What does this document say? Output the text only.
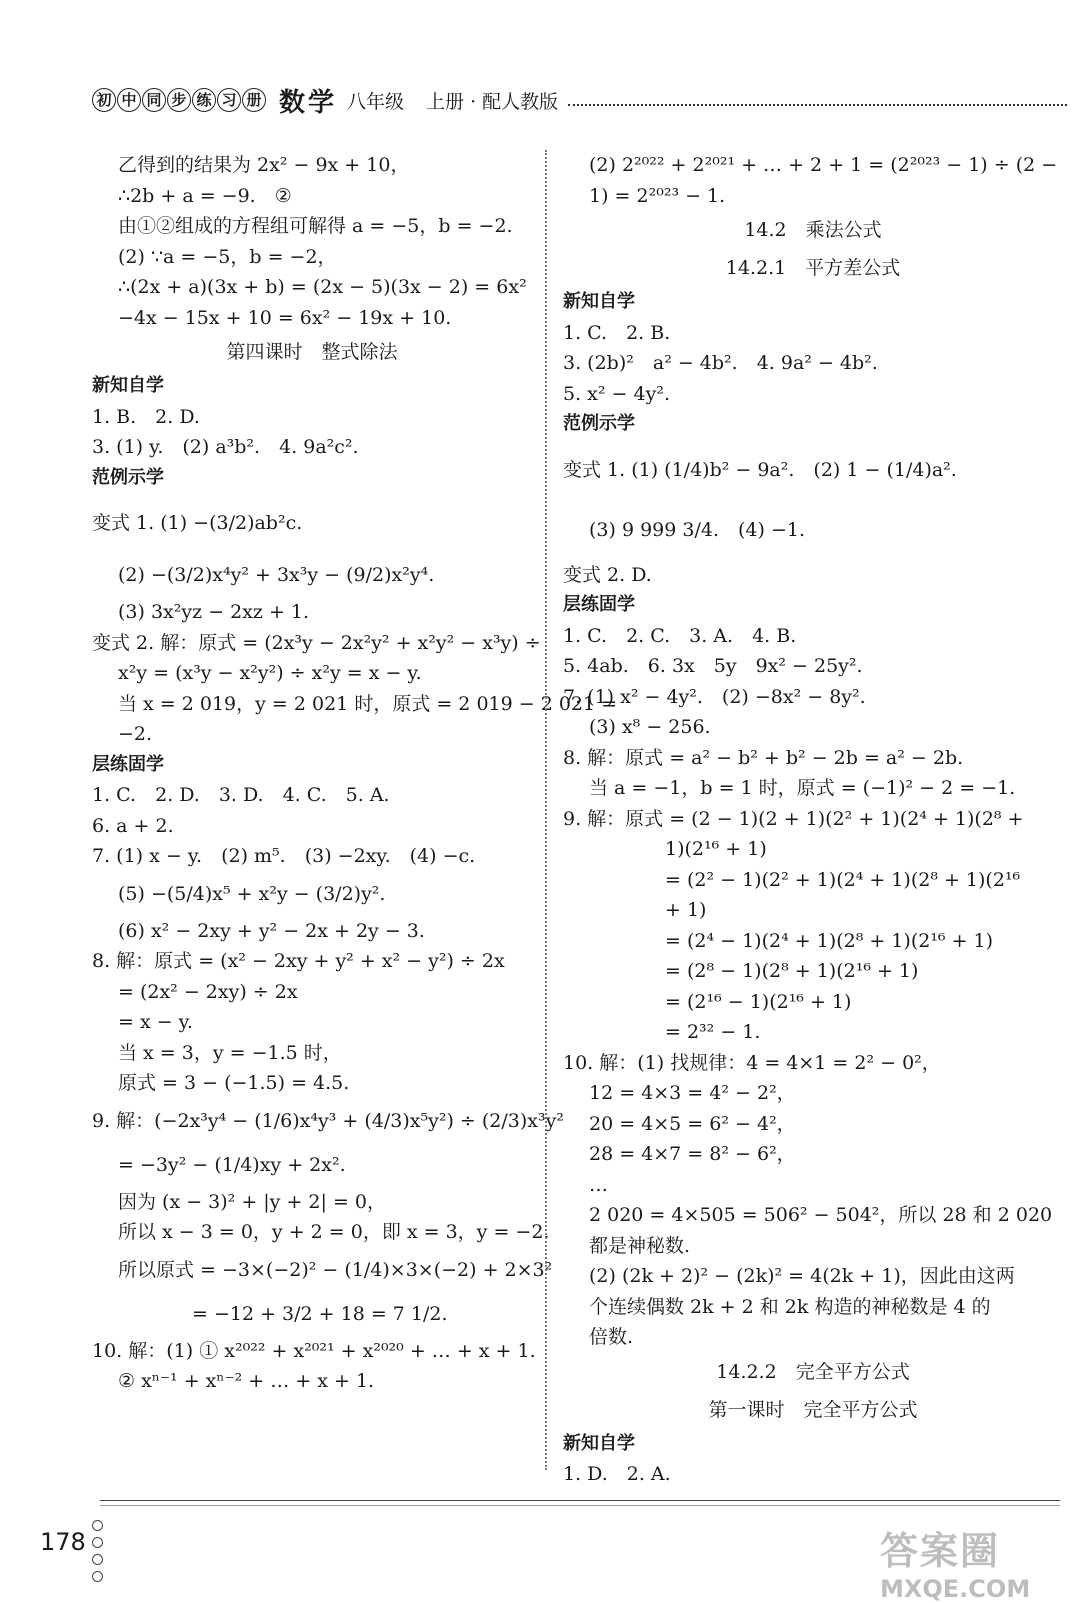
初 中 同 步 练 习 册 数学 八年级 上册 · 配人教版
乙得到的结果为 2x² − 9x + 10，
∴2b + a = −9.　②
由①②组成的方程组可解得 a = −5，b = −2.
(2) ∵a = −5，b = −2，
∴(2x + a)(3x + b) = (2x − 5)(3x − 2) = 6x²
−4x − 15x + 10 = 6x² − 19x + 10.
第四课时　整式除法
新知自学
1. B.　2. D.
3. (1) y.　(2) a³b².　4. 9a²c².
范例示学
变式 1. (1) −(3/2)ab²c.
(2) −(3/2)x⁴y² + 3x³y − (9/2)x²y⁴.
(3) 3x²yz − 2xz + 1.
变式 2. 解：原式 = (2x³y − 2x²y² + x²y² − x³y) ÷
x²y = (x³y − x²y²) ÷ x²y = x − y.
当 x = 2 019，y = 2 021 时，原式 = 2 019 − 2 021 =
−2.
层练固学
1. C.　2. D.　3. D.　4. C.　5. A.
6. a + 2.
7. (1) x − y.　(2) m⁵.　(3) −2xy.　(4) −c.
(5) −(5/4)x⁵ + x²y − (3/2)y².
(6) x² − 2xy + y² − 2x + 2y − 3.
8. 解：原式 = (x² − 2xy + y² + x² − y²) ÷ 2x
= (2x² − 2xy) ÷ 2x
= x − y.
当 x = 3，y = −1.5 时，
原式 = 3 − (−1.5) = 4.5.
9. 解：(−2x³y⁴ − (1/6)x⁴y³ + (4/3)x⁵y²) ÷ (2/3)x³y²
= −3y² − (1/4)xy + 2x².
因为 (x − 3)² + |y + 2| = 0，
所以 x − 3 = 0，y + 2 = 0，即 x = 3，y = −2.
所以原式 = −3×(−2)² − (1/4)×3×(−2) + 2×3²
= −12 + 3/2 + 18 = 7 1/2.
10. 解：(1) ① x²⁰²² + x²⁰²¹ + x²⁰²⁰ + … + x + 1.
② xⁿ⁻¹ + xⁿ⁻² + … + x + 1.
(2) 2²⁰²² + 2²⁰²¹ + … + 2 + 1 = (2²⁰²³ − 1) ÷ (2 −
1) = 2²⁰²³ − 1.
14.2　乘法公式
14.2.1　平方差公式
新知自学
1. C.　2. B.
3. (2b)²　a² − 4b².　4. 9a² − 4b².
5. x² − 4y².
范例示学
变式 1. (1) (1/4)b² − 9a².　(2) 1 − (1/4)a².
(3) 9 999 3/4.　(4) −1.
变式 2. D.
层练固学
1. C.　2. C.　3. A.　4. B.
5. 4ab.　6. 3x　5y　9x² − 25y².
7. (1) x² − 4y².　(2) −8x² − 8y².
(3) x⁸ − 256.
8. 解：原式 = a² − b² + b² − 2b = a² − 2b.
当 a = −1，b = 1 时，原式 = (−1)² − 2 = −1.
9. 解：原式 = (2 − 1)(2 + 1)(2² + 1)(2⁴ + 1)(2⁸ +
1)(2¹⁶ + 1)
= (2² − 1)(2² + 1)(2⁴ + 1)(2⁸ + 1)(2¹⁶
+ 1)
= (2⁴ − 1)(2⁴ + 1)(2⁸ + 1)(2¹⁶ + 1)
= (2⁸ − 1)(2⁸ + 1)(2¹⁶ + 1)
= (2¹⁶ − 1)(2¹⁶ + 1)
= 2³² − 1.
10. 解：(1) 找规律：4 = 4×1 = 2² − 0²，
12 = 4×3 = 4² − 2²，
20 = 4×5 = 6² − 4²，
28 = 4×7 = 8² − 6²，
…
2 020 = 4×505 = 506² − 504²，所以 28 和 2 020
都是神秘数.
(2) (2k + 2)² − (2k)² = 4(2k + 1)，因此由这两
个连续偶数 2k + 2 和 2k 构造的神秘数是 4 的
倍数.
14.2.2　完全平方公式
第一课时　完全平方公式
新知自学
1. D.　2. A.
178	答案圈
MXQE.COM
